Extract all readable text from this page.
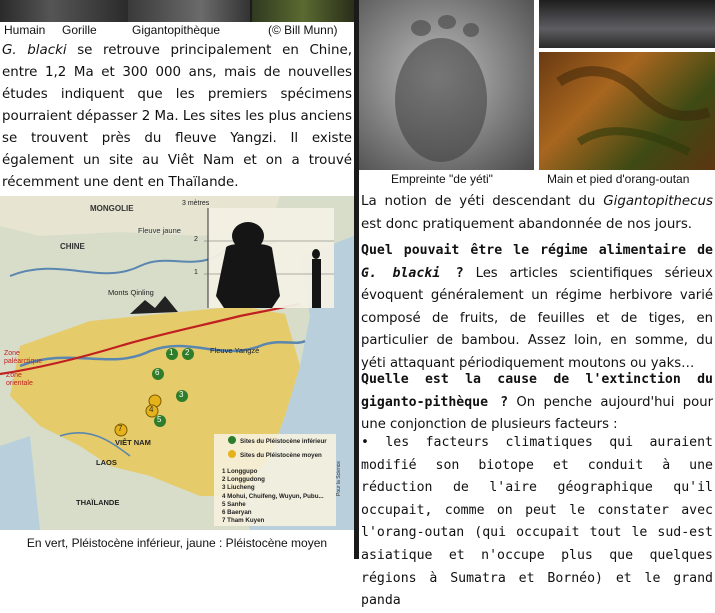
Humain Gorille	Gigantopithèque	(© Bill Munn)

G. blacki se retrouve principalement en Chine, entre 1,2 Ma et 300 000 ans, mais de nouvelles études indiquent que les premiers spécimens pourraient dépasser 2 Ma. Les sites les plus anciens se trouvent près du fleuve Yangzi. Il existe également un site au Viêt Nam et on a trouvé récemment une dent en Thaïlande.

MONGOLIE
CHINE
Fleuve jaune
Monts Qinling
Fleuve Yangzé
Zone paléarctique
Zone orientale
VIÊT NAM
LAOS
THAÏLANDE
3 mètres
2
1
1 2
6
3
4
5
7
Sites du Pléistocène inférieur
Sites du Pléistocène moyen
1 Longgupo
2 Longgudong
3 Liucheng
4 Mohui, Chuifeng, Wuyun, Pubu...
5 Sanhe
6 Baeryan
7 Tham Kuyen
Pour la Science
En vert, Pléistocène inférieur, jaune : Pléistocène moyen
Empreinte "de yéti"	Main et pied d'orang-outan

La notion de yéti descendant du Gigantopithecus est donc pratiquement abandonnée de nos jours.

Quel pouvait être le régime alimentaire de G. blacki ? Les articles scientifiques sérieux évoquent généralement un régime herbivore varié composé de fruits, de feuilles et de tiges, en particulier de bambou. Assez loin, en somme, du yéti attaquant périodiquement moutons ou yaks…

Quelle est la cause de l'extinction du giganto-pithèque ? On penche aujourd'hui pour une conjonction de plusieurs facteurs :

• les facteurs climatiques qui auraient modifié son biotope et conduit à une réduction de l'aire géographique qu'il occupait, comme on peut le constater avec l'orang-outan (qui occupait tout le sud-est asiatique et n'occupe plus que quelques régions à Sumatra et Bornéo) et le grand panda
